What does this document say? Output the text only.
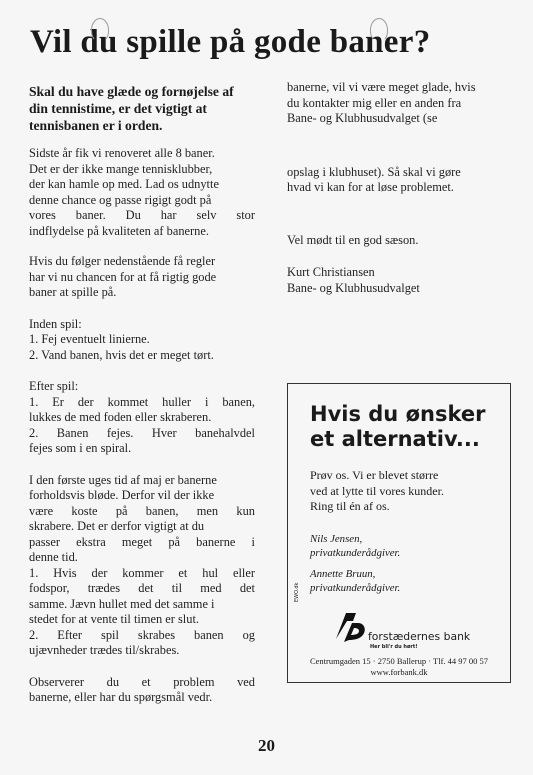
Vil du spille på gode baner?

Skal du have glæde og fornøjelse af din tennistime, er det vigtigt at tennisbanen er i orden.

Sidste år fik vi renoveret alle 8 baner.

Det er der ikke mange tennisklubber,

der kan hamle op med. Lad os udnytte

denne chance og passe rigigt godt på

vores baner. Du har selv stor

indflydelse på kvaliteten af banerne.

Hvis du følger nedenstående få regler

har vi nu chancen for at få rigtig gode

baner at spille på.

Inden spil:

1. Fej eventuelt linierne.

2. Vand banen, hvis det er meget tørt.

Efter spil:

1. Er der kommet huller i banen,

lukkes de med foden eller skraberen.

2. Banen fejes. Hver banehalvdel

fejes som i en spiral.

I den første uges tid af maj er banerne

forholdsvis bløde. Derfor vil der ikke

være koste på banen, men kun

skrabere. Det er derfor vigtigt at du

passer ekstra meget på banerne i

denne tid.

1. Hvis der kommer et hul eller

fodspor, trædes det til med det

samme. Jævn hullet med det samme i

stedet for at vente til timen er slut.

2. Efter spil skrabes banen og

ujævnheder trædes til/skrabes.

Observerer du et problem ved

banerne, eller har du spørgsmål vedr.

banerne, vil vi være meget glade, hvis

du kontakter mig eller en anden fra

Bane- og Klubhusudvalget (se

opslag i klubhuset). Så skal vi gøre

hvad vi kan for at løse problemet.

Vel mødt til en god sæson.

Kurt Christiansen

Bane- og Klubhusudvalget

Hvis du ønsker et alternativ...

Prøv os. Vi er blevet større

ved at lytte til vores kunder.

Ring til én af os.

Nils Jensen,
privatkunderådgiver.
Annette Bruun,
privatkunderådgiver.
EWO.dk
forstædernes bank
Her bli'r du hørt!
Centrumgaden 15 · 2750 Ballerup · Tlf. 44 97 00 57
www.forbank.dk
20
